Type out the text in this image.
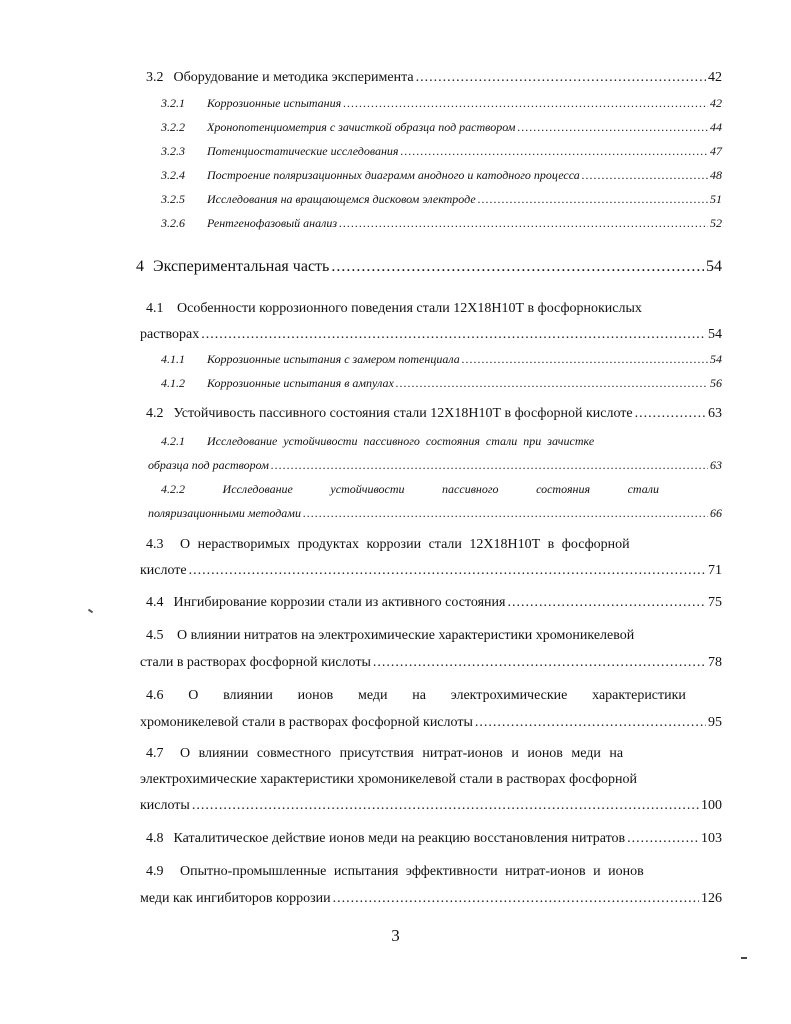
3.2 Оборудование и методика эксперимента .....	42
3.2.1	Коррозионные испытания .....	42
3.2.2	Хронопотенциометрия с зачисткой образца под раствором .....	44
3.2.3	Потенциостатические исследования .....	47
3.2.4	Построение поляризационных диаграмм анодного и катодного процесса .....	48
3.2.5	Исследования на вращающемся дисковом электроде .....	51
3.2.6	Рентгенофазовый анализ .....	52
4 Экспериментальная часть .....	54
4.1 Особенности коррозионного поведения стали 12Х18Н10Т в фосфорнокислых
растворах .....	54
4.1.1	Коррозионные испытания с замером потенциала .....	54
4.1.2	Коррозионные испытания в ампулах .....	56
4.2 Устойчивость пассивного состояния стали 12Х18Н10Т в фосфорной кислоте .....	63
4.2.1	Исследование устойчивости пассивного состояния стали при зачистке
образца под раствором .....	63
4.2.2	Исследование	устойчивости	пассивного	состояния	стали
поляризационными методами .....	66
4.3	О нерастворимых продуктах коррозии стали 12Х18Н10Т в фосфорной
кислоте .....	71
4.4 Ингибирование коррозии стали из активного состояния .....	75
4.5 О влиянии нитратов на электрохимические характеристики хромоникелевой
стали в растворах фосфорной кислоты .....	78
4.6 О влиянии ионов меди на электрохимические характеристики
хромоникелевой стали в растворах фосфорной кислоты .....	95
4.7	О влиянии совместного присутствия нитрат-ионов и ионов меди на
электрохимические характеристики хромоникелевой стали в растворах фосфорной
кислоты .....	100
4.8 Каталитическое действие ионов меди на реакцию восстановления нитратов .....	103
4.9	Опытно-промышленные испытания эффективности нитрат-ионов и ионов
меди как ингибиторов коррозии .....	126
3
